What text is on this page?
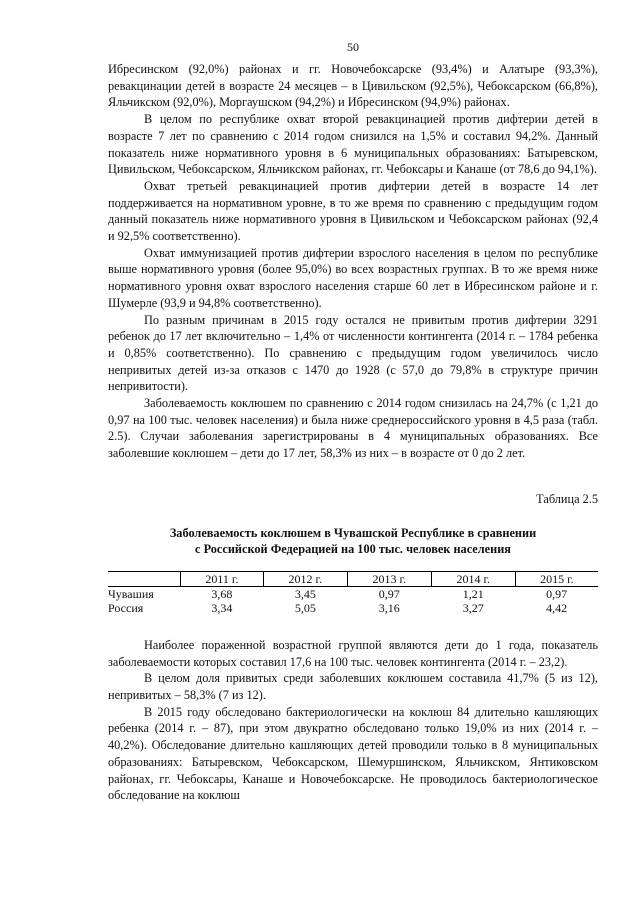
50

Ибресинском (92,0%) районах и гг. Новочебоксарске (93,4%) и Алатыре (93,3%), ревакцинации детей в возрасте 24 месяцев – в Цивильском (92,5%), Чебоксарском (66,8%), Яльчикском (92,0%), Моргаушском (94,2%) и Ибресинском (94,9%) районах.

В целом по республике охват второй ревакцинацией против дифтерии детей в возрасте 7 лет по сравнению с 2014 годом снизился на 1,5% и составил 94,2%. Данный показатель ниже нормативного уровня в 6 муниципальных образованиях: Батыревском, Цивильском, Чебоксарском, Яльчикском районах, гг. Чебоксары и Канаше (от 78,6 до 94,1%).

Охват третьей ревакцинацией против дифтерии детей в возрасте 14 лет поддерживается на нормативном уровне, в то же время по сравнению с предыдущим годом данный показатель ниже нормативного уровня в Цивильском и Чебоксарском районах (92,4 и 92,5% соответственно).

Охват иммунизацией против дифтерии взрослого населения в целом по республике выше нормативного уровня (более 95,0%) во всех возрастных группах. В то же время ниже нормативного уровня охват взрослого населения старше 60 лет в Ибресинском районе и г. Шумерле (93,9 и 94,8% соответственно).

По разным причинам в 2015 году остался не привитым против дифтерии 3291 ребенок до 17 лет включительно – 1,4% от численности контингента (2014 г. – 1784 ребенка и 0,85% соответственно). По сравнению с предыдущим годом увеличилось число непривитых детей из-за отказов с 1470 до 1928 (с 57,0 до 79,8% в структуре причин непривитости).

Заболеваемость коклюшем по сравнению с 2014 годом снизилась на 24,7% (с 1,21 до 0,97 на 100 тыс. человек населения) и была ниже среднероссийского уровня в 4,5 раза (табл. 2.5). Случаи заболевания зарегистрированы в 4 муниципальных образованиях. Все заболевшие коклюшем – дети до 17 лет, 58,3% из них – в возрасте от 0 до 2 лет.

Таблица 2.5
Заболеваемость коклюшем в Чувашской Республике в сравнении
с Российской Федерацией на 100 тыс. человек населения
	2011 г.	2012 г.	2013 г.	2014 г.	2015 г.
Чувашия	3,68	3,45	0,97	1,21	0,97
Россия	3,34	5,05	3,16	3,27	4,42

Наиболее пораженной возрастной группой являются дети до 1 года, показатель заболеваемости которых составил 17,6 на 100 тыс. человек контингента (2014 г. – 23,2).

В целом доля привитых среди заболевших коклюшем составила 41,7% (5 из 12), непривитых – 58,3% (7 из 12).

В 2015 году обследовано бактериологически на коклюш 84 длительно кашляющих ребенка (2014 г. – 87), при этом двукратно обследовано только 19,0% из них (2014 г. – 40,2%). Обследование длительно кашляющих детей проводили только в 8 муниципальных образованиях: Батыревском, Чебоксарском, Шемуршинском, Яльчикском, Янтиковском районах, гг. Чебоксары, Канаше и Новочебоксарске. Не проводилось бактериологическое обследование на коклюш
